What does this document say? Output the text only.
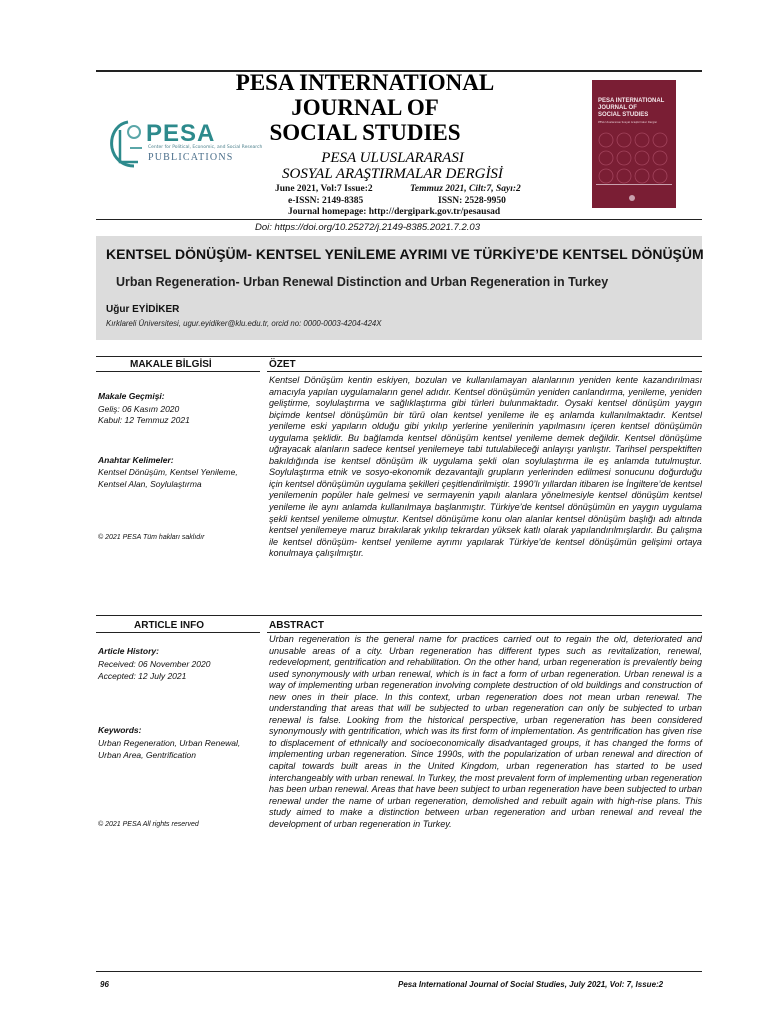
PESA
Center for Political, Economic, and Social Research
PUBLICATIONS
PESA INTERNATIONAL
JOURNAL OF
SOCIAL STUDIES
PESA ULUSLARARASI
SOSYAL ARAŞTIRMALAR DERGİSİ
June 2021, Vol:7 Issue:2	Temmuz 2021, Cilt:7, Sayı:2
e-ISSN: 2149-8385	ISSN: 2528-9950
Journal homepage: http://dergipark.gov.tr/pesausad
PESA INTERNATIONAL
JOURNAL OF
SOCIAL STUDIES
PESA Uluslararası Sosyal Araştırmalar Dergisi
Doi: https://doi.org/10.25272/j.2149-8385.2021.7.2.03
KENTSEL DÖNÜŞÜM- KENTSEL YENİLEME AYRIMI VE TÜRKİYE’DE KENTSEL DÖNÜŞÜM
Urban Regeneration- Urban Renewal Distinction and Urban Regeneration in Turkey
Uğur EYİDİKER
Kırklareli Üniversitesi, ugur.eyidiker@klu.edu.tr, orcid no: 0000-0003-4204-424X
MAKALE BİLGİSİ	ÖZET
Makale Geçmişi:
Geliş: 06 Kasım 2020
Kabul: 12 Temmuz 2021
Anahtar Kelimeler:
Kentsel Dönüşüm, Kentsel Yenileme,
Kentsel Alan, Soylulaştırma
© 2021 PESA Tüm hakları saklıdır
Kentsel Dönüşüm kentin eskiyen, bozulan ve kullanılamayan alanlarının yeniden kente kazandırılması amacıyla yapılan uygulamaların genel adıdır. Kentsel dönüşümün yeniden canlandırma, yenileme, yeniden geliştirme, soylulaştırma ve sağlıklaştırma gibi türleri bulunmaktadır. Oysaki kentsel dönüşüm yaygın biçimde kentsel dönüşümün bir türü olan kentsel yenileme ile eş anlamda kullanılmaktadır. Kentsel yenileme eski yapıların olduğu gibi yıkılıp yerlerine yenilerinin yapılmasını içeren kentsel dönüşümün uygulama şeklidir. Bu bağlamda kentsel dönüşüm kentsel yenileme demek değildir. Kentsel dönüşüme uğrayacak alanların sadece kentsel yenilemeye tabi tutulabileceği anlayışı yanlıştır. Tarihsel perspektiften bakıldığında ise kentsel dönüşüm ilk uygulama şekli olan soylulaştırma ile eş anlamda tutulmuştur. Soylulaştırma etnik ve sosyo-ekonomik dezavantajlı grupların yerlerinden edilmesi sonucunu doğurduğu için kentsel dönüşümün uygulama şekilleri çeşitlendirilmiştir. 1990’lı yıllardan itibaren ise İngiltere’de kentsel yenilemenin popüler hale gelmesi ve sermayenin yapılı alanlara yönelmesiyle kentsel dönüşüm kentsel yenileme ile aynı anlamda kullanılmaya başlanmıştır. Türkiye’de kentsel dönüşümün en yaygın uygulama şekli kentsel yenileme olmuştur. Kentsel dönüşüme konu olan alanlar kentsel dönüşüm başlığı adı altında kentsel yenilemeye maruz bırakılarak yıkılıp tekrardan yüksek katlı olarak yapılandırılmışlardır. Bu çalışma ile kentsel dönüşüm- kentsel yenileme ayrımı yapılarak Türkiye’de kentsel dönüşümün gelişimi ortaya konulmaya çalışılmıştır.
ARTICLE INFO	ABSTRACT
Article History:
Received: 06 November 2020
Accepted: 12 July 2021
Keywords:
Urban Regeneration, Urban Renewal,
Urban Area, Gentrification
© 2021 PESA All rights reserved
Urban regeneration is the general name for practices carried out to regain the old, deteriorated and unusable areas of a city. Urban regeneration has different types such as revitalization, renewal, redevelopment, gentrification and rehabilitation. On the other hand, urban regeneration is prevalently being used synonymously with urban renewal, which is in fact a form of urban regeneration. Urban renewal is a way of implementing urban regeneration involving complete destruction of old buildings and construction of new ones in their place. In this context, urban regeneration does not mean urban renewal. The understanding that areas that will be subjected to urban regeneration can only be subjected to urban renewal is false. Looking from the historical perspective, urban regeneration has been considered synonymously with gentrification, which was its first form of implementation. As gentrification has given rise to displacement of ethnically and socioeconomically disadvantaged groups, it has changed the forms of implementing urban regeneration. Since 1990s, with the popularization of urban renewal and direction of capital towards built areas in the United Kingdom, urban regeneration has started to be used interchangeably with urban renewal. In Turkey, the most prevalent form of implementing urban regeneration has been urban renewal. Areas that have been subject to urban regeneration have been subjected to urban renewal under the name of urban regeneration, demolished and rebuilt again with high-rise plans. This study aimed to make a distinction between urban regeneration and urban renewal and reveal the development of urban regeneration in Turkey.
96	Pesa International Journal of Social Studies, July 2021, Vol: 7, Issue:2
